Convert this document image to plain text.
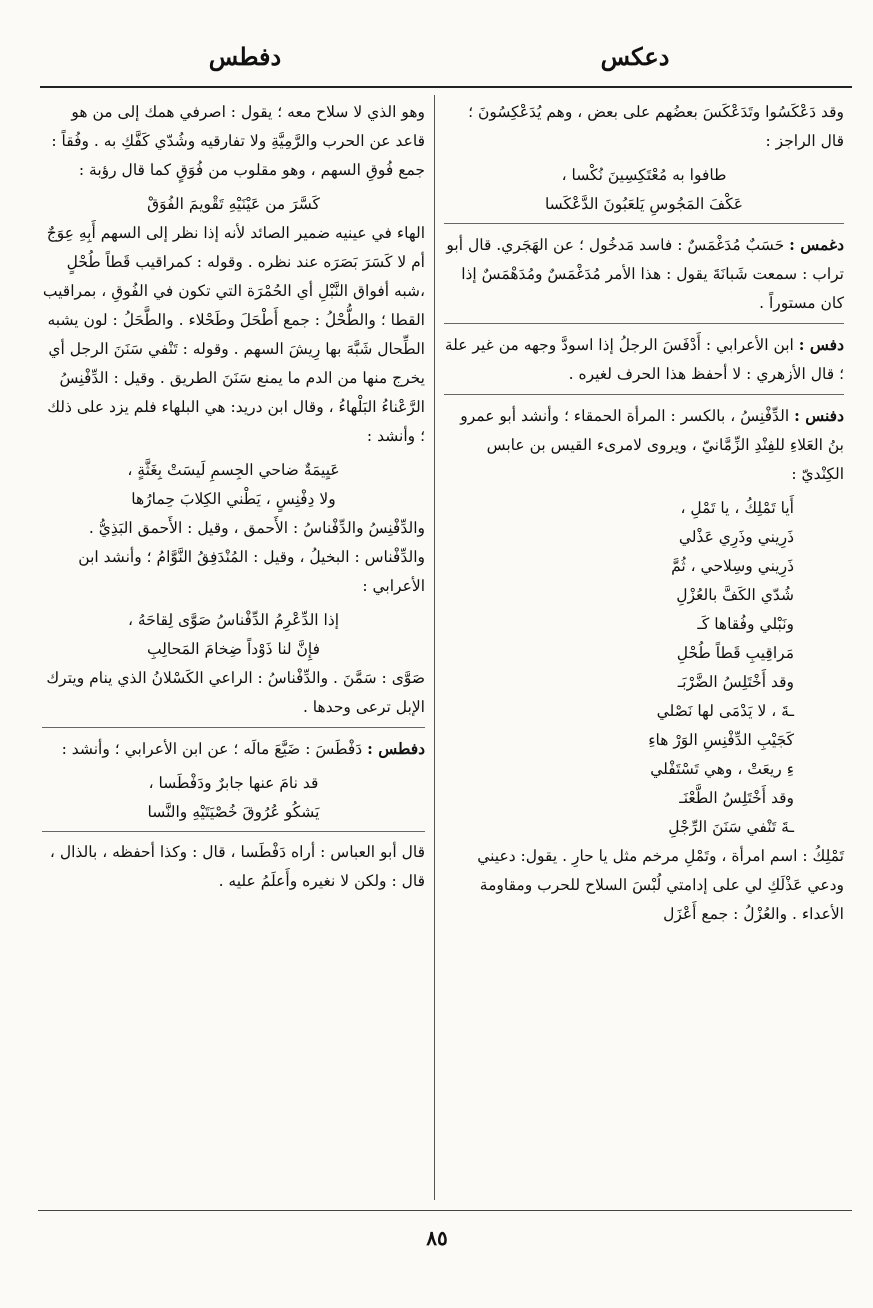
دعكس
دفطس

وقد دَعْكَسُوا وتَدَعْكَسَ بعضُهم على بعض ، وهم يُدَعْكِسُونَ ؛ قال الراجز :

طافوا به مُعْتَكِسِينَ نُكْسا ،

عَكْفَ المَجُوسِ يَلعَبُونَ الدَّعْكَسا

دغمس : حَسَبٌ مُدَغْمَسٌ : فاسد مَدخُول ؛ عن الهَجَري. قال أبو تراب : سمعت شَبانَةَ يقول : هذا الأمر مُدَغْمَسٌ ومُدَهْمَسٌ إذا كان مستوراً .

دفس : ابن الأعرابي : أَدْفَسَ الرجلُ إذا اسودَّ وجهه من غير علة ؛ قال الأزهري : لا أحفظ هذا الحرف لغيره .

دفنس : الدِّفْنِسُ ، بالكسر : المرأة الحمقاء ؛ وأنشد أبو عمرو بنُ العَلاءِ للفِنْدِ الزِّمَّانيّ ، ويروى لامرىء القيس بن عابس الكِنْديّ :

أَيا تَمْلِكُ ، يا تَمْلِ ،

ذَرِيني وذَرِي عَذْلي

ذَرِيني وسِلاحي ، ثُمَّ

شُدّي الكَفَّ بالعُزْلِ

ونَبْلي وفُقاها كَـ

مَراقِيبِ قَطاً طُحْلِ

وقد أَخْتَلِسُ الضَّرْبَـ

ـةَ ، لا يَدْمَى لها نَصْلي

كَجَيْبِ الدِّفْنِسِ الوَرْ هاءِ

ءِ ريعَتْ ، وهي تَسْتَفْلي

وقد أَخْتَلِسُ الطَّعْنَـ

ـةَ تَنْفي سَنَنَ الرِّجْلِ

تَمْلِكُ : اسم امرأة ، وتَمْلِ مرخم مثل يا حارِ . يقول: دعيني ودعي عَذْلَكِ لي على إدامتي لُبْسَ السلاح للحرب ومقاومة الأعداء . والعُزْلُ : جمع أَعْزَل

وهو الذي لا سلاح معه ؛ يقول : اصرفي همك إلى من هو قاعد عن الحرب والرَّمِيَّةِ ولا تفارقيه وشُدّي كَفَّكِ به . وفُقاً : جمع فُوقِ السهم ، وهو مقلوب من فُوَقٍ كما قال رؤبة :

كَسَّرَ من عَيْنَيْهِ تَقْويمَ الفُوَقْ

الهاء في عينيه ضمير الصائد لأنه إذا نظر إلى السهم أَبِهِ عِوَجٌ أم لا كَسَرَ بَصَرَه عند نظره . وقوله : كمراقيب قَطاً طُحْلٍ ،شبه أفواق النَّبْلِ أي الحُمْرَة التي تكون في الفُوقِ ، بمراقيب القطا ؛ والطُّحْلُ : جمع أَطْحَلَ وطَحْلاء . والطَّحَلُ : لون يشبه الطِّحال شَبَّهَ بها رِيشَ السهم . وقوله : تَنْفي سَنَنَ الرجل أي يخرج منها من الدم ما يمنع سَنَنَ الطريق . وقيل : الدِّفْنِسُ الرَّعْناءُ البَلْهاءُ ، وقال ابن دريد: هي البلهاء فلم يزد على ذلك ؛ وأنشد :

عَيِيمَةٌ ضاحي الجِسمِ لَيسَتْ بِغَثَّةٍ ،

ولا دِفْنِسٍ ، يَطْني الكِلابَ حِمارُها

والدِّفْنِسُ والدِّفْناسُ : الأَحمق ، وقيل : الأَحمق البَذِيُّ . والدِّفْناس : البخيلُ ، وقيل : المُنْدَفِقُ النَّوَّامُ ؛ وأنشد ابن الأعرابي :

إذا الدِّعْرِمُ الدِّفْناسُ صَوَّى لِقاحَهُ ،

فإِنَّ لنا ذَوْداً ضِخامَ المَحالِبِ

صَوَّى : سَمَّنَ . والدِّفْناسُ : الراعي الكَسْلانُ الذي ينام ويترك الإبل ترعى وحدها .

دفطس : دَفْطَسَ : ضَيَّعَ مالَه ؛ عن ابن الأعرابي ؛ وأنشد :

قد نامَ عنها جابرٌ ودَفْطَسا ،

يَشكُو عُرُوقَ خُصْيَتَيْهِ والنَّسا

قال أبو العباس : أراه دَفْطَسا ، قال : وكذا أحفظه ، بالذال ، قال : ولكن لا نغيره وأَعلَمُ عليه .

٨٥
